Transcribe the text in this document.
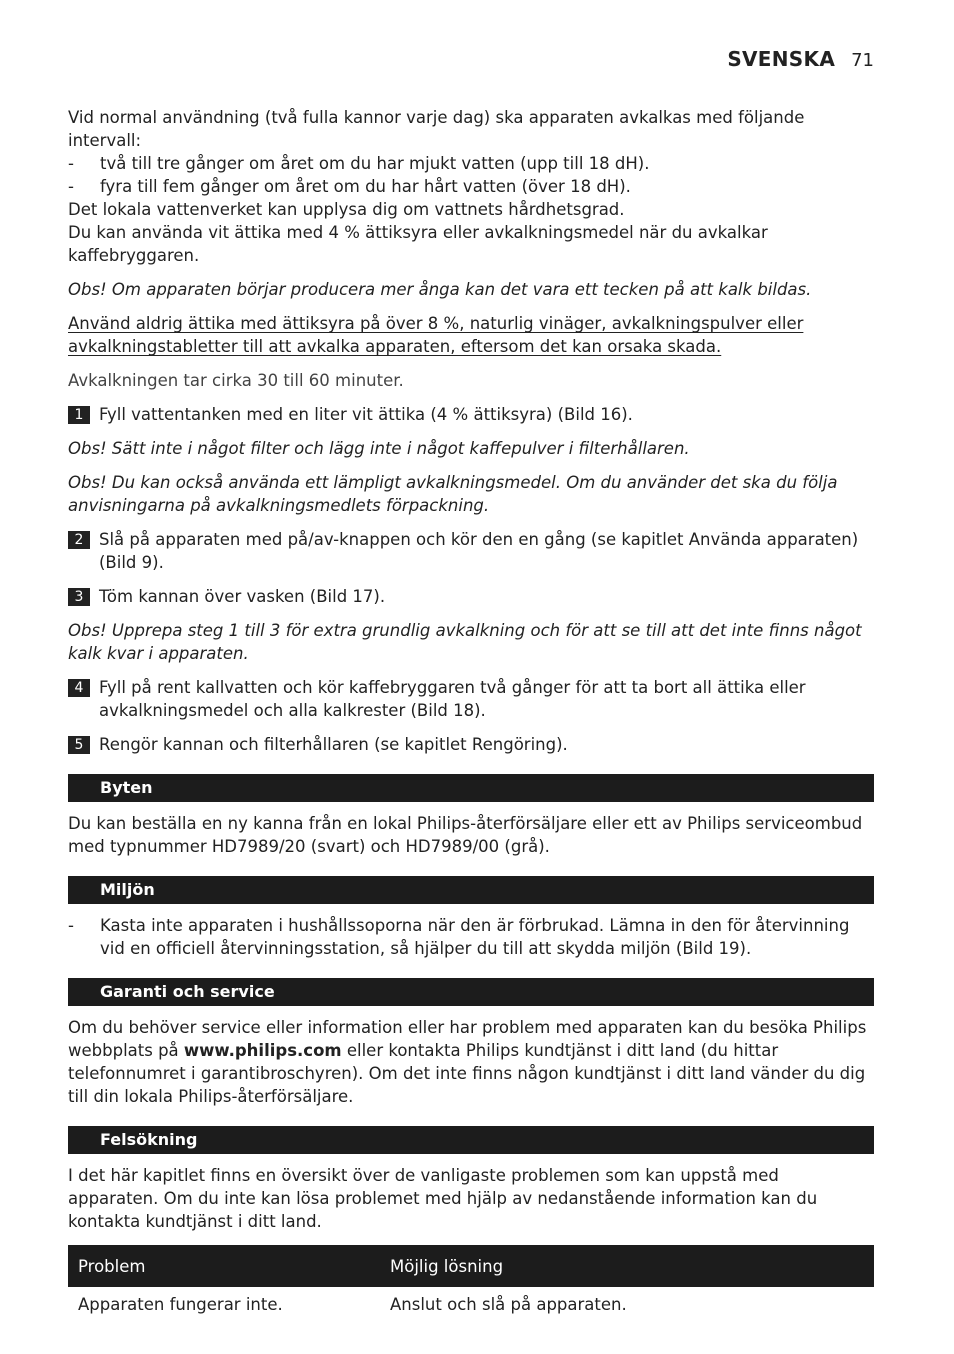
SVENSKA 71

Vid normal användning (två fulla kannor varje dag) ska apparaten avkalkas med följande intervall:

-	två till tre gånger om året om du har mjukt vatten (upp till 18 dH).
-	fyra till fem gånger om året om du har hårt vatten (över 18 dH).

Det lokala vattenverket kan upplysa dig om vattnets hårdhetsgrad.

Du kan använda vit ättika med 4 % ättiksyra eller avkalkningsmedel när du avkalkar kaffebryggaren.

Obs! Om apparaten börjar producera mer ånga kan det vara ett tecken på att kalk bildas.

Använd aldrig ättika med ättiksyra på över 8 %, naturlig vinäger, avkalkningspulver eller avkalkningstabletter till att avkalka apparaten, eftersom det kan orsaka skada.

Avkalkningen tar cirka 30 till 60 minuter.

1 Fyll vattentanken med en liter vit ättika (4 % ättiksyra) (Bild 16).

Obs! Sätt inte i något filter och lägg inte i något kaffepulver i filterhållaren.

Obs! Du kan också använda ett lämpligt avkalkningsmedel. Om du använder det ska du följa anvisningarna på avkalkningsmedlets förpackning.

2 Slå på apparaten med på/av-knappen och kör den en gång (se kapitlet Använda apparaten) (Bild 9).
3 Töm kannan över vasken (Bild 17).

Obs! Upprepa steg 1 till 3 för extra grundlig avkalkning och för att se till att det inte finns något kalk kvar i apparaten.

4 Fyll på rent kallvatten och kör kaffebryggaren två gånger för att ta bort all ättika eller avkalkningsmedel och alla kalkrester (Bild 18).
5 Rengör kannan och filterhållaren (se kapitlet Rengöring).
Byten

Du kan beställa en ny kanna från en lokal Philips-återförsäljare eller ett av Philips serviceombud med typnummer HD7989/20 (svart) och HD7989/00 (grå).

Miljön
-	Kasta inte apparaten i hushållssoporna när den är förbrukad. Lämna in den för återvinning vid en officiell återvinningsstation, så hjälper du till att skydda miljön (Bild 19).
Garanti och service

Om du behöver service eller information eller har problem med apparaten kan du besöka Philips webbplats på www.philips.com eller kontakta Philips kundtjänst i ditt land (du hittar telefonnumret i garantibroschyren). Om det inte finns någon kundtjänst i ditt land vänder du dig till din lokala Philips-återförsäljare.

Felsökning

I det här kapitlet finns en översikt över de vanligaste problemen som kan uppstå med apparaten. Om du inte kan lösa problemet med hjälp av nedanstående information kan du kontakta kundtjänst i ditt land.

Problem	Möjlig lösning
Apparaten fungerar inte.	Anslut och slå på apparaten.
